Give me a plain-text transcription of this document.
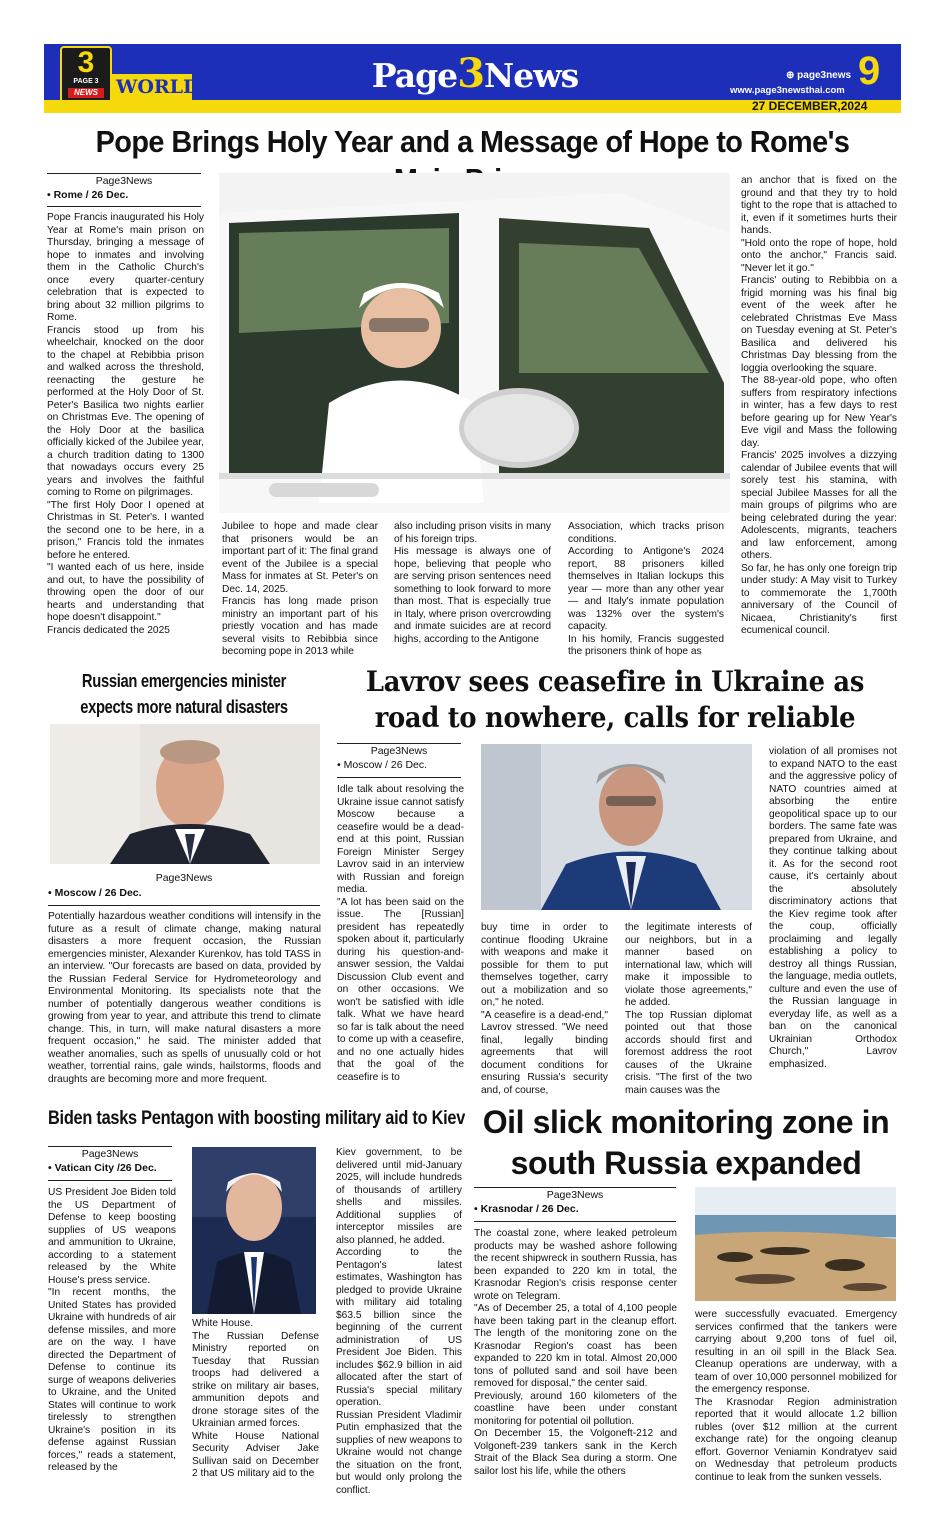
3
PAGE 3
NEWS WORLD	Page3News	⊕ page3news
www.page3newsthai.com 9
27 DECEMBER,2024
Pope Brings Holy Year and a Message of Hope to Rome's
Page3News
• Rome / 26 Dec.
Pope Francis inaugurated his Holy Year at Rome's main prison on Thursday, bringing a message of hope to inmates and involving them in the Catholic Church's once every quarter-century celebration that is expected to bring about 32 million pilgrims to Rome.
Francis stood up from his wheelchair, knocked on the door to the chapel at Rebibbia prison and walked across the threshold, reenacting the gesture he performed at the Holy Door of St. Peter's Basilica two nights earlier on Christmas Eve. The opening of the Holy Door at the basilica officially kicked of the Jubilee year, a church tradition dating to 1300 that nowadays occurs every 25 years and involves the faithful coming to Rome on pilgrimages.
"The first Holy Door I opened at Christmas in St. Peter's. I wanted the second one to be here, in a prison," Francis told the inmates before he entered.
"I wanted each of us here, inside and out, to have the possibility of throwing open the door of our hearts and understanding that hope doesn't disappoint."
Francis dedicated the 2025
Jubilee to hope and made clear that prisoners would be an important part of it: The final grand event of the Jubilee is a special Mass for inmates at St. Peter's on Dec. 14, 2025.
Francis has long made prison ministry an important part of his priestly vocation and has made several visits to Rebibbia since becoming pope in 2013 while
also including prison visits in many of his foreign trips.
His message is always one of hope, believing that people who are serving prison sentences need something to look forward to more than most. That is especially true in Italy, where prison overcrowding and inmate suicides are at record highs, according to the Antigone
Association, which tracks prison conditions.
According to Antigone's 2024 report, 88 prisoners killed themselves in Italian lockups this year — more than any other year — and Italy's inmate population was 132% over the system's capacity.
In his homily, Francis suggested the prisoners think of hope as
an anchor that is fixed on the ground and that they try to hold tight to the rope that is attached to it, even if it sometimes hurts their hands.
"Hold onto the rope of hope, hold onto the anchor," Francis said. "Never let it go."
Francis' outing to Rebibbia on a frigid morning was his final big event of the week after he celebrated Christmas Eve Mass on Tuesday evening at St. Peter's Basilica and delivered his Christmas Day blessing from the loggia overlooking the square.
The 88-year-old pope, who often suffers from respiratory infections in winter, has a few days to rest before gearing up for New Year's Eve vigil and Mass the following day.
Francis' 2025 involves a dizzying calendar of Jubilee events that will sorely test his stamina, with special Jubilee Masses for all the main groups of pilgrims who are being celebrated during the year: Adolescents, migrants, teachers and law enforcement, among others.
So far, he has only one foreign trip under study: A May visit to Turkey to commemorate the 1,700th anniversary of the Council of Nicaea, Christianity's first ecumenical council.
Russian emergencies minister expects more natural disasters
Page3News
• Moscow / 26 Dec.
Potentially hazardous weather conditions will intensify in the future as a result of climate change, making natural disasters a more frequent occasion, the Russian emergencies minister, Alexander Kurenkov, has told TASS in an interview. "Our forecasts are based on data, provided by the Russian Federal Service for Hydrometeorology and Environmental Monitoring. Its specialists note that the number of potentially dangerous weather conditions is growing from year to year, and attribute this trend to climate change. This, in turn, will make natural disasters a more frequent occasion," he said. The minister added that weather anomalies, such as spells of unusually cold or hot weather, torrential rains, gale winds, hailstorms, floods and draughts are becoming more and more frequent.
Lavrov sees ceasefire in Ukraine as road to nowhere, calls for reliable
Page3News
• Moscow / 26 Dec.
Idle talk about resolving the Ukraine issue cannot satisfy Moscow because a ceasefire would be a dead-end at this point, Russian Foreign Minister Sergey Lavrov said in an interview with Russian and foreign media.
"A lot has been said on the issue. The [Russian] president has repeatedly spoken about it, particularly during his question-and-answer session, the Valdai Discussion Club event and on other occasions. We won't be satisfied with idle talk. What we have heard so far is talk about the need to come up with a ceasefire, and no one actually hides that the goal of the ceasefire is to
buy time in order to continue flooding Ukraine with weapons and make it possible for them to put themselves together, carry out a mobilization and so on," he noted.
"A ceasefire is a dead-end," Lavrov stressed. "We need final, legally binding agreements that will document conditions for ensuring Russia's security and, of course,
the legitimate interests of our neighbors, but in a manner based on international law, which will make it impossible to violate those agreements," he added.
The top Russian diplomat pointed out that those accords should first and foremost address the root causes of the Ukraine crisis. "The first of the two main causes was the
violation of all promises not to expand NATO to the east and the aggressive policy of NATO countries aimed at absorbing the entire geopolitical space up to our borders. The same fate was prepared from Ukraine, and they continue talking about it. As for the second root cause, it's certainly about the absolutely discriminatory actions that the Kiev regime took after the coup, officially proclaiming and legally establishing a policy to destroy all things Russian, the language, media outlets, culture and even the use of the Russian language in everyday life, as well as a ban on the canonical Ukrainian Orthodox Church," Lavrov emphasized.
Biden tasks Pentagon with boosting military aid to Kiev
Page3News
• Vatican City /26 Dec.
US President Joe Biden told the US Department of Defense to keep boosting supplies of US weapons and ammunition to Ukraine, according to a statement released by the White House's press service.
"In recent months, the United States has provided Ukraine with hundreds of air defense missiles, and more are on the way. I have directed the Department of Defense to continue its surge of weapons deliveries to Ukraine, and the United States will continue to work tirelessly to strengthen Ukraine's position in its defense against Russian forces," reads a statement, released by the
White House.
The Russian Defense Ministry reported on Tuesday that Russian troops had delivered a strike on military air bases, ammunition depots and drone storage sites of the Ukrainian armed forces.
White House National Security Adviser Jake Sullivan said on December 2 that US military aid to the
Kiev government, to be delivered until mid-January 2025, will include hundreds of thousands of artillery shells and missiles. Additional supplies of interceptor missiles are also planned, he added.
According to the Pentagon's latest estimates, Washington has pledged to provide Ukraine with military aid totaling $63.5 billion since the beginning of the current administration of US President Joe Biden. This includes $62.9 billion in aid allocated after the start of Russia's special military operation.
Russian President Vladimir Putin emphasized that the supplies of new weapons to Ukraine would not change the situation on the front, but would only prolong the conflict.
Oil slick monitoring zone in south Russia expanded
Page3News
• Krasnodar / 26 Dec.
The coastal zone, where leaked petroleum products may be washed ashore following the recent shipwreck in southern Russia, has been expanded to 220 km in total, the Krasnodar Region's crisis response center wrote on Telegram.
"As of December 25, a total of 4,100 people have been taking part in the cleanup effort. The length of the monitoring zone on the Krasnodar Region's coast has been expanded to 220 km in total. Almost 20,000 tons of polluted sand and soil have been removed for disposal," the center said.
Previously, around 160 kilometers of the coastline have been under constant monitoring for potential oil pollution.
On December 15, the Volgoneft-212 and Volgoneft-239 tankers sank in the Kerch Strait of the Black Sea during a storm. One sailor lost his life, while the others
were successfully evacuated. Emergency services confirmed that the tankers were carrying about 9,200 tons of fuel oil, resulting in an oil spill in the Black Sea. Cleanup operations are underway, with a team of over 10,000 personnel mobilized for the emergency response.
The Krasnodar Region administration reported that it would allocate 1.2 billion rubles (over $12 million at the current exchange rate) for the ongoing cleanup effort. Governor Veniamin Kondratyev said on Wednesday that petroleum products continue to leak from the sunken vessels.
